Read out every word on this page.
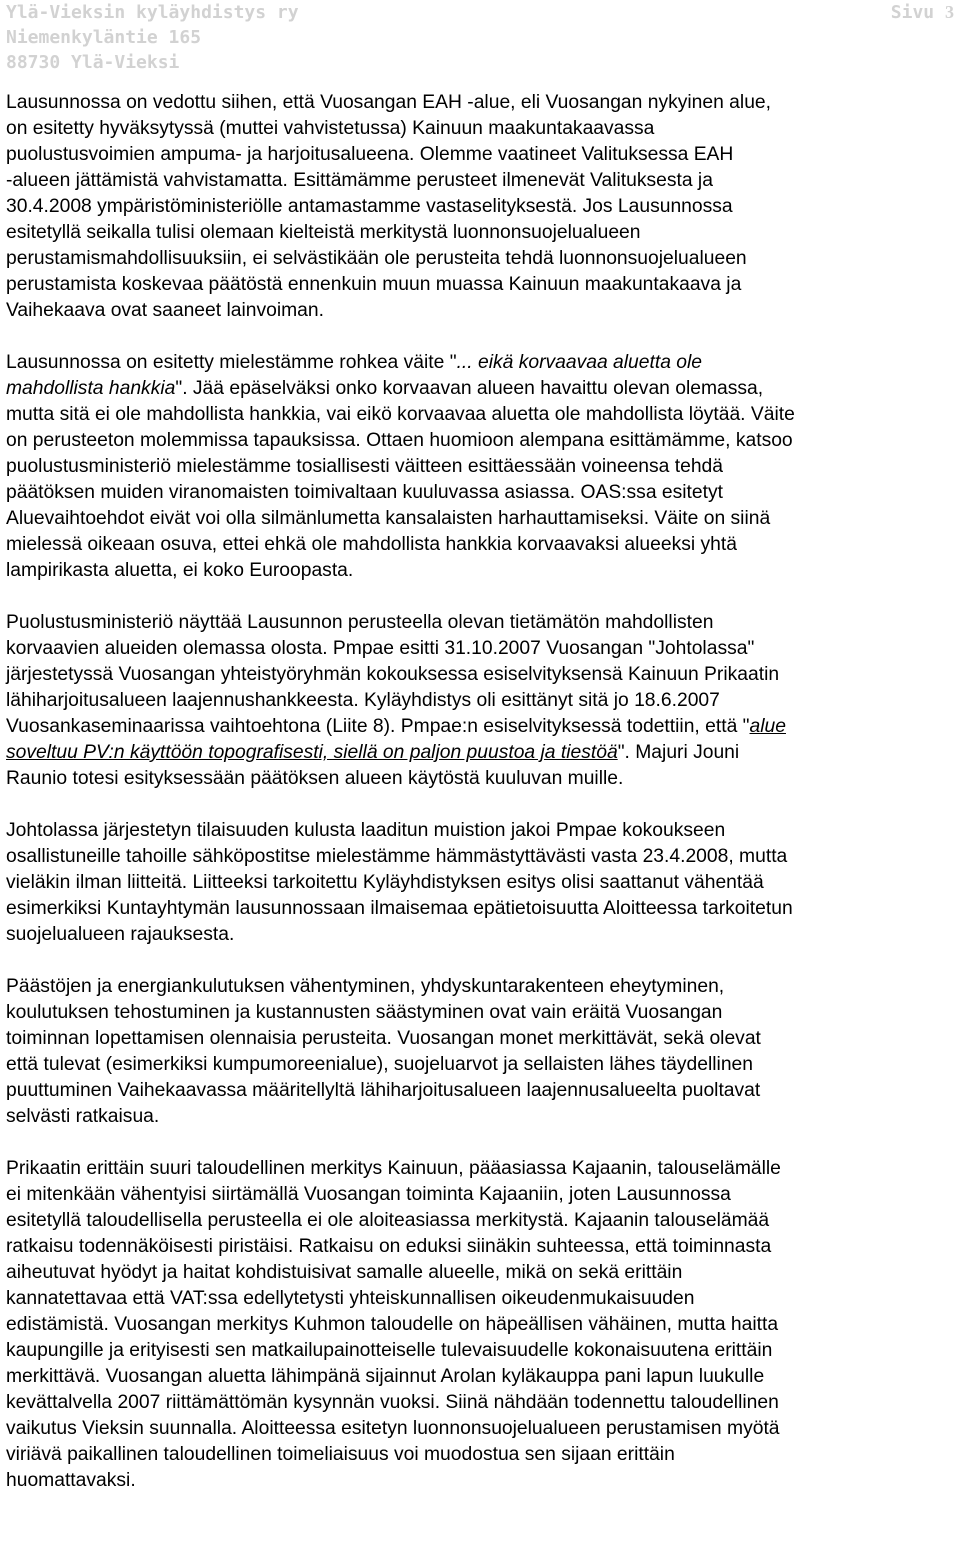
Ylä-Vieksin kyläyhdistys ry
Niemenkyläntie 165
88730 Ylä-Vieksi
Sivu 3

Lausunnossa on vedottu siihen, että Vuosangan EAH -alue, eli Vuosangan nykyinen alue,
on esitetty hyväksytyssä (muttei vahvistetussa) Kainuun maakuntakaavassa
puolustusvoimien ampuma- ja harjoitusalueena. Olemme vaatineet Valituksessa EAH
-alueen jättämistä vahvistamatta. Esittämämme perusteet ilmenevät Valituksesta ja
30.4.2008 ympäristöministeriölle antamastamme vastaselityksestä. Jos Lausunnossa
esitetyllä seikalla tulisi olemaan kielteistä merkitystä luonnonsuojelualueen
perustamismahdollisuuksiin, ei selvästikään ole perusteita tehdä luonnonsuojelualueen
perustamista koskevaa päätöstä ennenkuin muun muassa Kainuun maakuntakaava ja
Vaihekaava ovat saaneet lainvoiman.

Lausunnossa on esitetty mielestämme rohkea väite "... eikä korvaavaa aluetta ole
mahdollista hankkia". Jää epäselväksi onko korvaavan alueen havaittu olevan olemassa,
mutta sitä ei ole mahdollista hankkia, vai eikö korvaavaa aluetta ole mahdollista löytää. Väite
on perusteeton molemmissa tapauksissa. Ottaen huomioon alempana esittämämme, katsoo
puolustusministeriö mielestämme tosiallisesti väitteen esittäessään voineensa tehdä
päätöksen muiden viranomaisten toimivaltaan kuuluvassa asiassa. OAS:ssa esitetyt
Aluevaihtoehdot eivät voi olla silmänlumetta kansalaisten harhauttamiseksi. Väite on siinä
mielessä oikeaan osuva, ettei ehkä ole mahdollista hankkia korvaavaksi alueeksi yhtä
lampirikasta aluetta, ei koko Euroopasta.

Puolustusministeriö näyttää Lausunnon perusteella olevan tietämätön mahdollisten
korvaavien alueiden olemassa olosta. Pmpae esitti 31.10.2007 Vuosangan "Johtolassa"
järjestetyssä Vuosangan yhteistyöryhmän kokouksessa esiselvityksensä Kainuun Prikaatin
lähiharjoitusalueen laajennushankkeesta. Kyläyhdistys oli esittänyt sitä jo 18.6.2007
Vuosankaseminaarissa vaihtoehtona (Liite 8). Pmpae:n esiselvityksessä todettiin, että "alue
soveltuu PV:n käyttöön topografisesti, siellä on paljon puustoa ja tiestöä". Majuri Jouni
Raunio totesi esityksessään päätöksen alueen käytöstä kuuluvan muille.

Johtolassa järjestetyn tilaisuuden kulusta laaditun muistion jakoi Pmpae kokoukseen
osallistuneille tahoille sähköpostitse mielestämme hämmästyttävästi vasta 23.4.2008, mutta
vieläkin ilman liitteitä. Liitteeksi tarkoitettu Kyläyhdistyksen esitys olisi saattanut vähentää
esimerkiksi Kuntayhtymän lausunnossaan ilmaisemaa epätietoisuutta Aloitteessa tarkoitetun
suojelualueen rajauksesta.

Päästöjen ja energiankulutuksen vähentyminen, yhdyskuntarakenteen eheytyminen,
koulutuksen tehostuminen ja kustannusten säästyminen ovat vain eräitä Vuosangan
toiminnan lopettamisen olennaisia perusteita. Vuosangan monet merkittävät, sekä olevat
että tulevat (esimerkiksi kumpumoreenialue), suojeluarvot ja sellaisten lähes täydellinen
puuttuminen Vaihekaavassa määritellyltä lähiharjoitusalueen laajennusalueelta puoltavat
selvästi ratkaisua.

Prikaatin erittäin suuri taloudellinen merkitys Kainuun, pääasiassa Kajaanin, talouselämälle
ei mitenkään vähentyisi siirtämällä Vuosangan toiminta Kajaaniin, joten Lausunnossa
esitetyllä taloudellisella perusteella ei ole aloiteasiassa merkitystä. Kajaanin talouselämää
ratkaisu todennäköisesti piristäisi. Ratkaisu on eduksi siinäkin suhteessa, että toiminnasta
aiheutuvat hyödyt ja haitat kohdistuisivat samalle alueelle, mikä on sekä erittäin
kannatettavaa että VAT:ssa edellytetysti yhteiskunnallisen oikeudenmukaisuuden
edistämistä. Vuosangan merkitys Kuhmon taloudelle on häpeällisen vähäinen, mutta haitta
kaupungille ja erityisesti sen matkailupainotteiselle tulevaisuudelle kokonaisuutena erittäin
merkittävä. Vuosangan aluetta lähimpänä sijainnut Arolan kyläkauppa pani lapun luukulle
kevättalvella 2007 riittämättömän kysynnän vuoksi. Siinä nähdään todennettu taloudellinen
vaikutus Vieksin suunnalla. Aloitteessa esitetyn luonnonsuojelualueen perustamisen myötä
viriävä paikallinen taloudellinen toimeliaisuus voi muodostua sen sijaan erittäin
huomattavaksi.
